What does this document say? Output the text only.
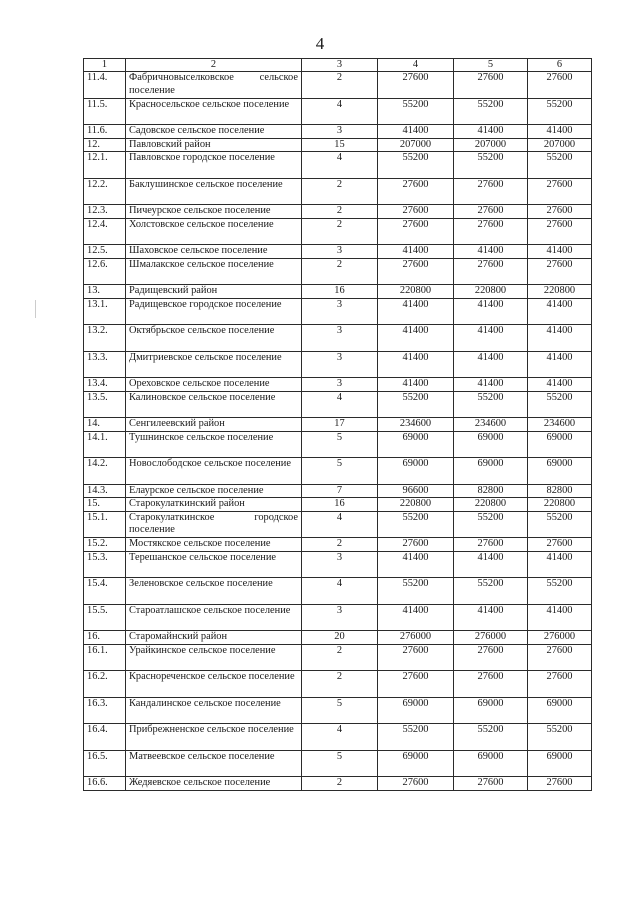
4
1	2	3	4	5	6
11.4.	Фабричновыселковское сельское поселение	2	27600	27600	27600
11.5.	Красносельское сельское поселение	4	55200	55200	55200
11.6.	Садовское сельское поселение	3	41400	41400	41400
12.	Павловский район	15	207000	207000	207000
12.1.	Павловское городское поселение	4	55200	55200	55200
12.2.	Баклушинское сельское поселение	2	27600	27600	27600
12.3.	Пичеурское сельское поселение	2	27600	27600	27600
12.4.	Холстовское сельское поселение	2	27600	27600	27600
12.5.	Шаховское сельское поселение	3	41400	41400	41400
12.6.	Шмалакское сельское поселение	2	27600	27600	27600
13.	Радищевский район	16	220800	220800	220800
13.1.	Радищевское городское поселение	3	41400	41400	41400
13.2.	Октябрьское сельское поселение	3	41400	41400	41400
13.3.	Дмитриевское сельское поселение	3	41400	41400	41400
13.4.	Ореховское сельское поселение	3	41400	41400	41400
13.5.	Калиновское сельское поселение	4	55200	55200	55200
14.	Сенгилеевский район	17	234600	234600	234600
14.1.	Тушнинское сельское поселение	5	69000	69000	69000
14.2.	Новослободское сельское поселение	5	69000	69000	69000
14.3.	Елаурское сельское поселение	7	96600	82800	82800
15.	Старокулаткинский район	16	220800	220800	220800
15.1.	Старокулаткинское городское поселение	4	55200	55200	55200
15.2.	Мостякское сельское поселение	2	27600	27600	27600
15.3.	Терешанское сельское поселение	3	41400	41400	41400
15.4.	Зеленовское сельское поселение	4	55200	55200	55200
15.5.	Староатлашское сельское поселение	3	41400	41400	41400
16.	Старомайнский район	20	276000	276000	276000
16.1.	Урайкинское сельское поселение	2	27600	27600	27600
16.2.	Краснореченское сельское поселение	2	27600	27600	27600
16.3.	Кандалинское сельское поселение	5	69000	69000	69000
16.4.	Прибрежненское сельское поселение	4	55200	55200	55200
16.5.	Матвеевское сельское поселение	5	69000	69000	69000
16.6.	Жедяевское сельское поселение	2	27600	27600	27600
